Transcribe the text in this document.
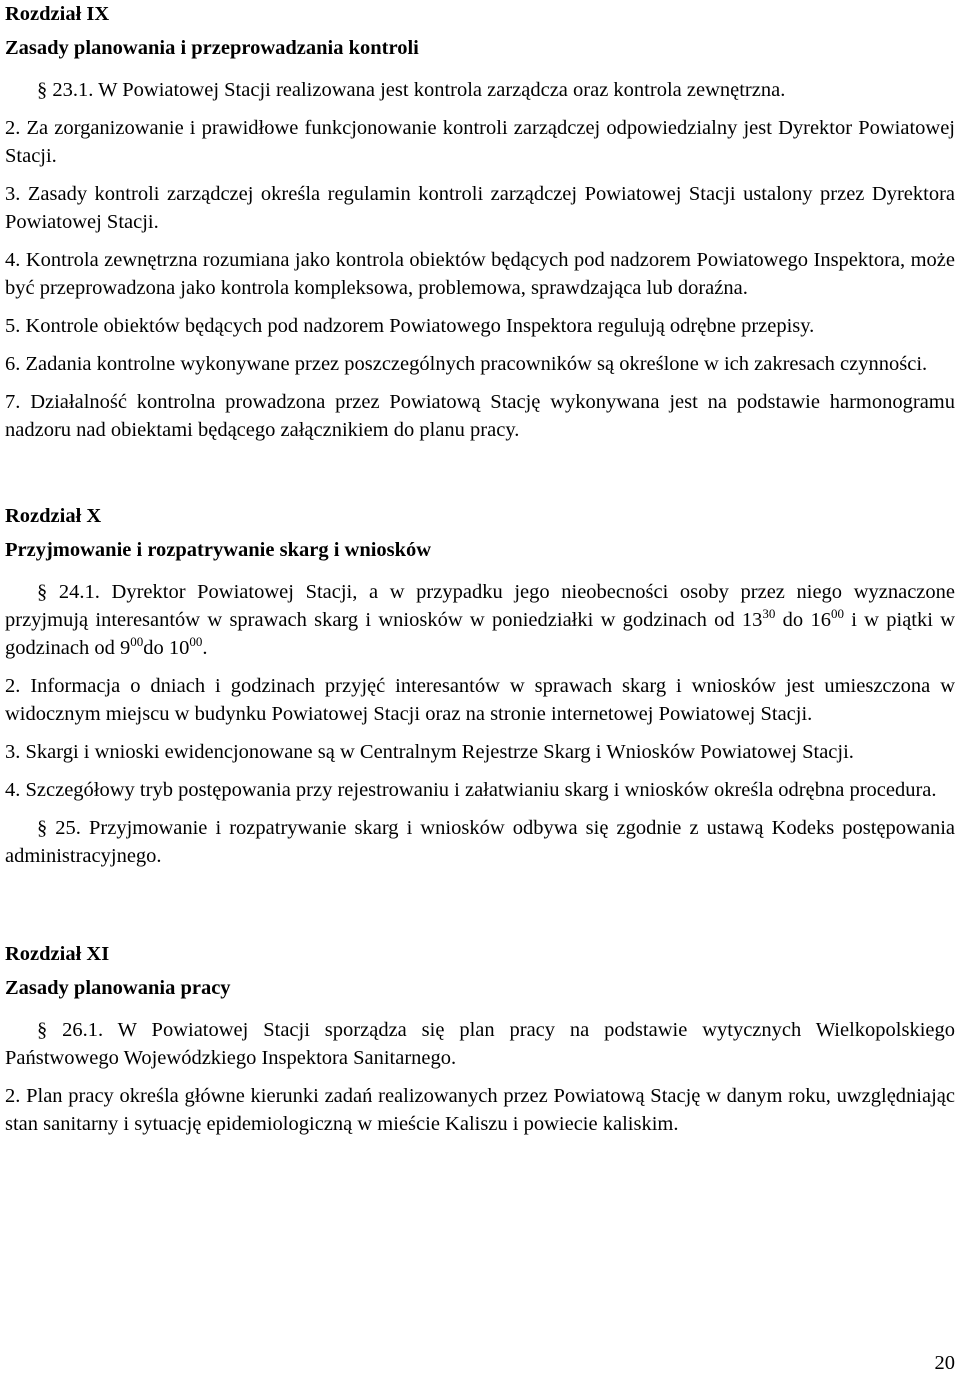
Rozdział IX

Zasady planowania i przeprowadzania kontroli

§ 23.1. W Powiatowej Stacji realizowana jest kontrola zarządcza oraz kontrola zewnętrzna.

2. Za zorganizowanie i prawidłowe funkcjonowanie kontroli zarządczej odpowiedzialny jest Dyrektor Powiatowej Stacji.

3. Zasady kontroli zarządczej określa regulamin kontroli zarządczej Powiatowej Stacji ustalony przez Dyrektora Powiatowej Stacji.

4. Kontrola zewnętrzna rozumiana jako kontrola obiektów będących pod nadzorem Powiatowego Inspektora, może być przeprowadzona jako kontrola kompleksowa, problemowa, sprawdzająca lub doraźna.

5. Kontrole obiektów będących pod nadzorem Powiatowego Inspektora regulują odrębne przepisy.

6. Zadania kontrolne wykonywane przez poszczególnych pracowników są określone w ich zakresach czynności.

7. Działalność kontrolna prowadzona przez Powiatową Stację wykonywana jest na podstawie harmonogramu nadzoru nad obiektami będącego załącznikiem do planu pracy.

Rozdział X

Przyjmowanie i rozpatrywanie skarg i wniosków

§ 24.1. Dyrektor Powiatowej Stacji, a w przypadku jego nieobecności osoby przez niego wyznaczone przyjmują interesantów w sprawach skarg i wniosków w poniedziałki w godzinach od $13^{30}$ do $16^{00}$ i w piątki w godzinach od $9^{00}do$ $10^{00}$.

2. Informacja o dniach i godzinach przyjęć interesantów w sprawach skarg i wniosków jest umieszczona w widocznym miejscu w budynku Powiatowej Stacji oraz na stronie internetowej Powiatowej Stacji.

3. Skargi i wnioski ewidencjonowane są w Centralnym Rejestrze Skarg i Wniosków Powiatowej Stacji.

4. Szczegółowy tryb postępowania przy rejestrowaniu i załatwianiu skarg i wniosków określa odrębna procedura.

§ 25. Przyjmowanie i rozpatrywanie skarg i wniosków odbywa się zgodnie z ustawą Kodeks postępowania administracyjnego.

Rozdział XI

Zasady planowania pracy

§ 26.1. W Powiatowej Stacji sporządza się plan pracy na podstawie wytycznych Wielkopolskiego Państwowego Wojewódzkiego Inspektora Sanitarnego.

2. Plan pracy określa główne kierunki zadań realizowanych przez Powiatową Stację w danym roku, uwzględniając stan sanitarny i sytuację epidemiologiczną w mieście Kaliszu i powiecie kaliskim.

20
